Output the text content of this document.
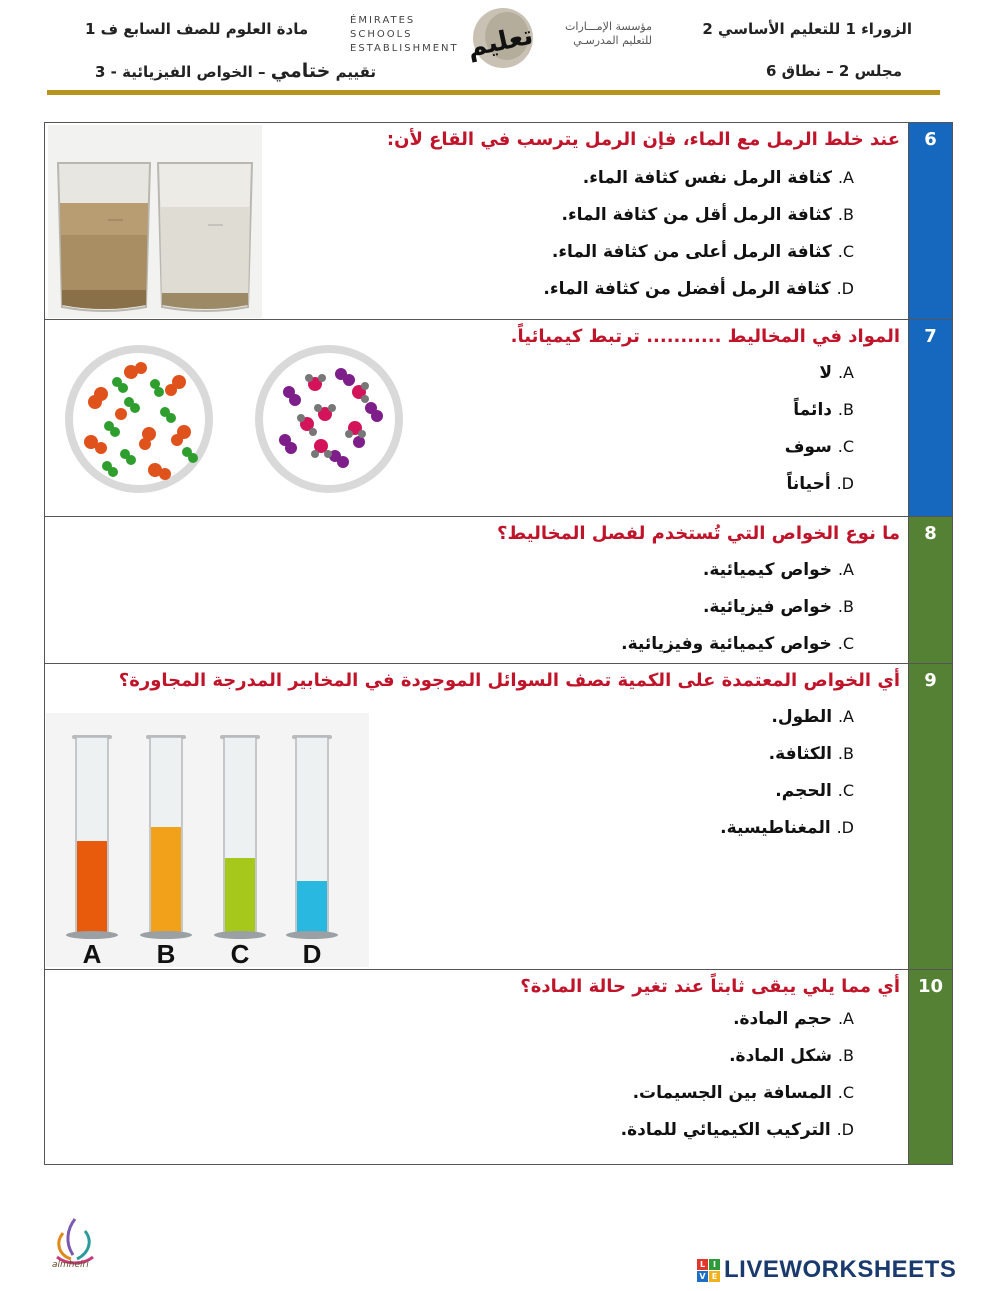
الزوراء 1 للتعليم الأساسي 2
مجلس 2 – نطاق 6
مادة العلوم للصف السابع ف 1
تقييم ختامي – الخواص الفيزيائية - 3
ÉMIRATES SCHOOLS
ESTABLISHMENT
مؤسسة الإمـــارات
للتعليم المدرسـي
تعليم
6
عند خلط الرمل مع الماء، فإن الرمل يترسب في القاع لأن:
A. كثافة الرمل نفس كثافة الماء.
B. كثافة الرمل أقل من كثافة الماء.
C. كثافة الرمل أعلى من كثافة الماء.
D. كثافة الرمل أفضل من كثافة الماء.
7
المواد في المخاليط ........... ترتبط كيميائياً.
A. لا
B. دائماً
C. سوف
D. أحياناً
8
ما نوع الخواص التي تُستخدم لفصل المخاليط؟
A. خواص كيميائية.
B. خواص فيزيائية.
C. خواص كيميائية وفيزيائية.
9
أي الخواص المعتمدة على الكمية تصف السوائل الموجودة في المخابير المدرجة المجاورة؟
A. الطول.
B. الكثافة.
C. الحجم.
D. المغناطيسية.
A B C D
10
أي مما يلي يبقى ثابتاً عند تغير حالة المادة؟
A. حجم المادة.
B. شكل المادة.
C. المسافة بين الجسيمات.
D. التركيب الكيميائي للمادة.
almheiri	L I
V E LIVEWORKSHEETS
